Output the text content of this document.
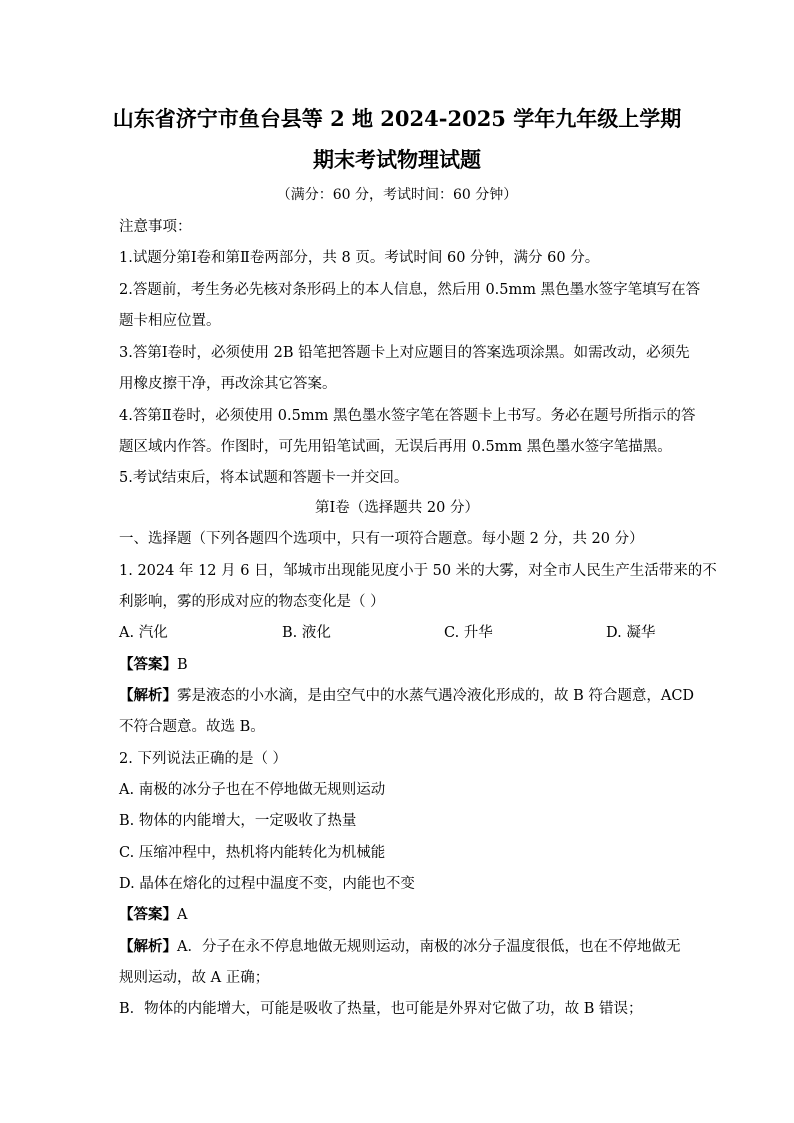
山东省济宁市鱼台县等 2 地 2024-2025 学年九年级上学期
期末考试物理试题
（满分：60 分，考试时间：60 分钟）
注意事项：
1.试题分第Ⅰ卷和第Ⅱ卷两部分，共 8 页。考试时间 60 分钟，满分 60 分。
2.答题前，考生务必先核对条形码上的本人信息，然后用 0.5mm 黑色墨水签字笔填写在答
题卡相应位置。
3.答第Ⅰ卷时，必须使用 2B 铅笔把答题卡上对应题目的答案选项涂黑。如需改动，必须先
用橡皮擦干净，再改涂其它答案。
4.答第Ⅱ卷时，必须使用 0.5mm 黑色墨水签字笔在答题卡上书写。务必在题号所指示的答
题区域内作答。作图时，可先用铅笔试画，无误后再用 0.5mm 黑色墨水签字笔描黑。
5.考试结束后，将本试题和答题卡一并交回。
第Ⅰ卷（选择题共 20 分）
一、选择题（下列各题四个选项中，只有一项符合题意。每小题 2 分，共 20 分）
1. 2024 年 12 月 6 日，邹城市出现能见度小于 50 米的大雾，对全市人民生产生活带来的不
利影响，雾的形成对应的物态变化是（ ）
A. 汽化	B. 液化	C. 升华	D. 凝华
【答案】B
【解析】雾是液态的小水滴，是由空气中的水蒸气遇冷液化形成的，故 B 符合题意，ACD
不符合题意。故选 B。
2. 下列说法正确的是（ ）
A. 南极的冰分子也在不停地做无规则运动
B. 物体的内能增大，一定吸收了热量
C. 压缩冲程中，热机将内能转化为机械能
D. 晶体在熔化的过程中温度不变，内能也不变
【答案】A
【解析】A．分子在永不停息地做无规则运动，南极的冰分子温度很低，也在不停地做无
规则运动，故 A 正确；
B．物体的内能增大，可能是吸收了热量，也可能是外界对它做了功，故 B 错误；
